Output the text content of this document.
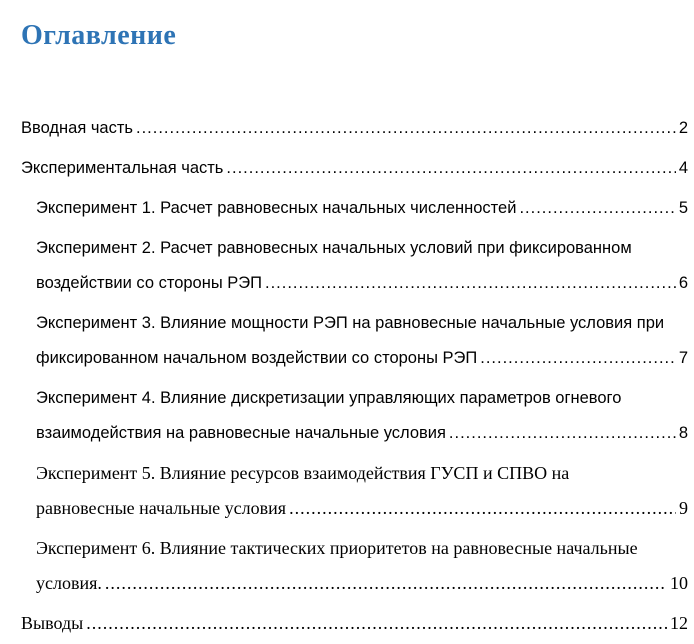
Оглавление
Вводная часть .....	2
Экспериментальная часть .....	4
Эксперимент 1. Расчет равновесных начальных численностей .....	5
Эксперимент 2. Расчет равновесных начальных условий при фиксированном
воздействии со стороны РЭП .....	6
Эксперимент 3. Влияние мощности РЭП на равновесные начальные условия при
фиксированном начальном воздействии со стороны РЭП .....	7
Эксперимент 4. Влияние дискретизации управляющих параметров огневого
взаимодействия на равновесные начальные условия .....	8
Эксперимент 5. Влияние ресурсов взаимодействия ГУСП и СПВО на
равновесные начальные условия .....	9
Эксперимент 6. Влияние тактических приоритетов на равновесные начальные
условия. .....	10
Выводы .....	12
